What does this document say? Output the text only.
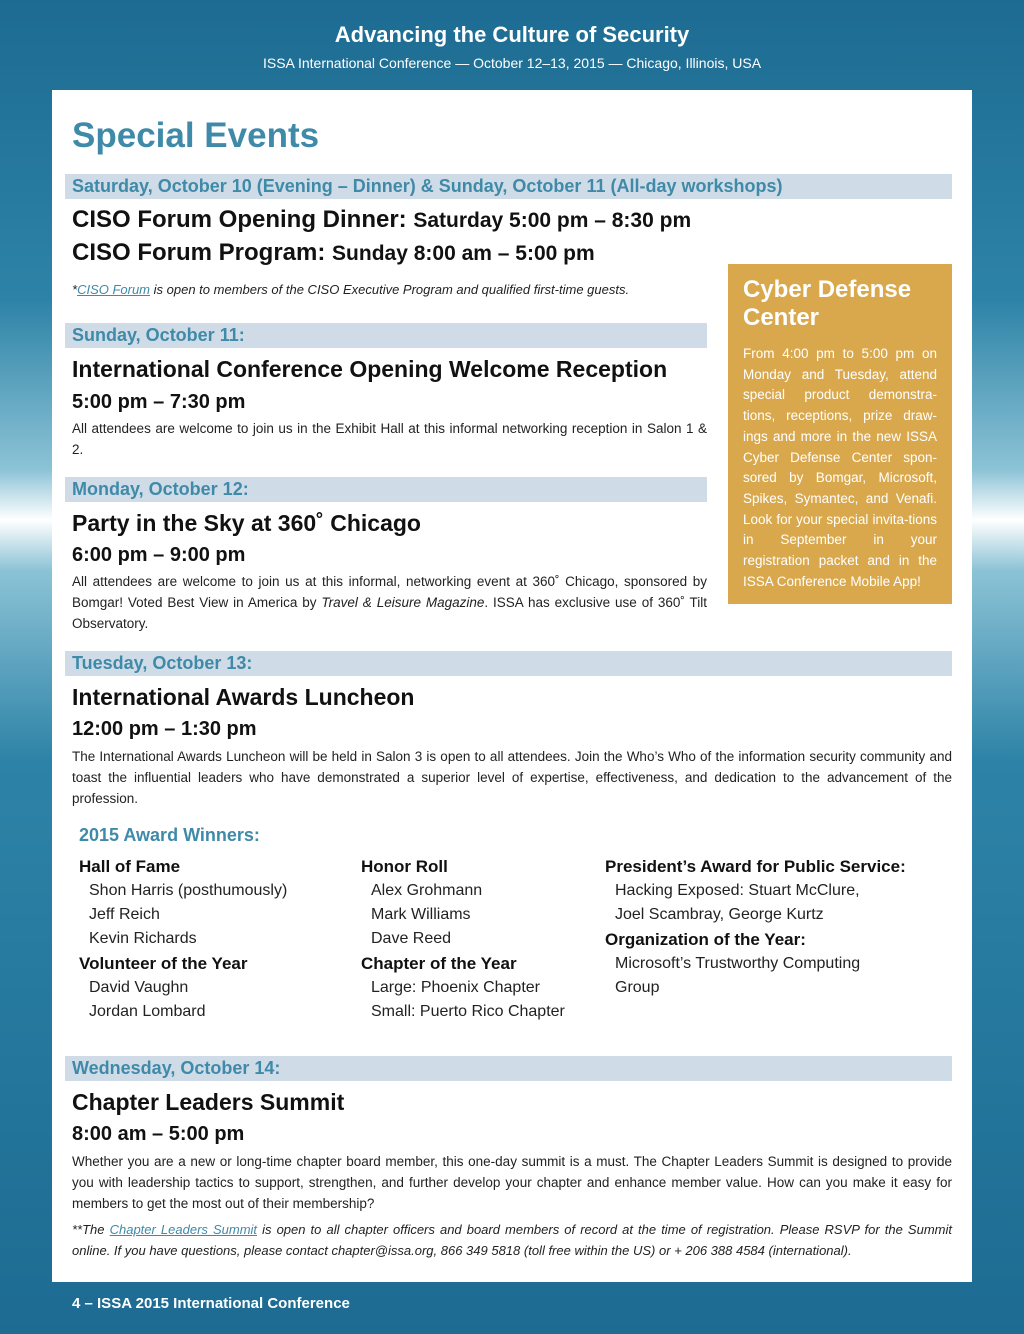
Advancing the Culture of Security
ISSA International Conference — October 12–13, 2015 — Chicago, Illinois, USA
Special Events
Saturday, October 10 (Evening – Dinner) & Sunday, October 11 (All-day workshops)
CISO Forum Opening Dinner: Saturday 5:00 pm – 8:30 pm
CISO Forum Program: Sunday 8:00 am – 5:00 pm
*CISO Forum is open to members of the CISO Executive Program and qualified first-time guests.
Sunday, October 11:
International Conference Opening Welcome Reception
5:00 pm – 7:30 pm
All attendees are welcome to join us in the Exhibit Hall at this informal networking reception in Salon 1 & 2.
Monday, October 12:
Party in the Sky at 360˚ Chicago
6:00 pm – 9:00 pm
All attendees are welcome to join us at this informal, networking event at 360˚ Chicago, sponsored by Bomgar! Voted Best View in America by Travel & Leisure Magazine. ISSA has exclusive use of 360˚ Tilt Observatory.
Cyber Defense Center
From 4:00 pm to 5:00 pm on Monday and Tuesday, attend special product demonstra-tions, receptions, prize draw-ings and more in the new ISSA Cyber Defense Center spon-sored by Bomgar, Microsoft, Spikes, Symantec, and Venafi. Look for your special invita-tions in September in your registration packet and in the ISSA Conference Mobile App!
Tuesday, October 13:
International Awards Luncheon
12:00 pm – 1:30 pm
The International Awards Luncheon will be held in Salon 3 is open to all attendees. Join the Who’s Who of the information security community and toast the influential leaders who have demonstrated a superior level of expertise, effectiveness, and dedication to the advancement of the profession.
2015 Award Winners:
Hall of Fame
Shon Harris (posthumously)
Jeff Reich
Kevin Richards
Volunteer of the Year
David Vaughn
Jordan Lombard
Honor Roll
Alex Grohmann
Mark Williams
Dave Reed
Chapter of the Year
Large: Phoenix Chapter
Small: Puerto Rico Chapter
President’s Award for Public Service:
Hacking Exposed: Stuart McClure,
Joel Scambray, George Kurtz
Organization of the Year:
Microsoft’s Trustworthy Computing
Group
Wednesday, October 14:
Chapter Leaders Summit
8:00 am – 5:00 pm
Whether you are a new or long-time chapter board member, this one-day summit is a must. The Chapter Leaders Summit is designed to provide you with leadership tactics to support, strengthen, and further develop your chapter and enhance member value. How can you make it easy for members to get the most out of their membership?
**The Chapter Leaders Summit is open to all chapter officers and board members of record at the time of registration. Please RSVP for the Summit online. If you have questions, please contact chapter@issa.org, 866 349 5818 (toll free within the US) or + 206 388 4584 (international).
4 – ISSA 2015 International Conference
